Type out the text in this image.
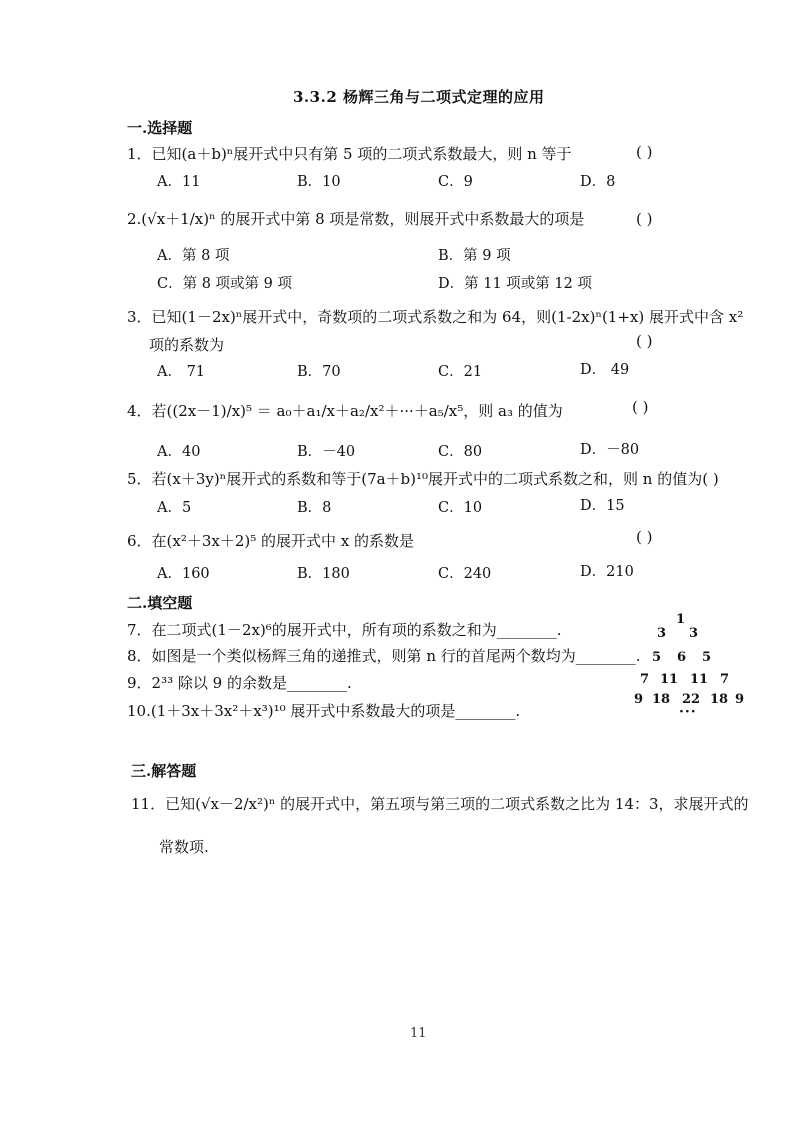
3.3.2 杨辉三角与二项式定理的应用
一.选择题
1．已知(a＋b)ⁿ展开式中只有第 5 项的二项式系数最大，则 n 等于	( )
A．11	B．10	C．9	D．8
2.(√x＋1/x)ⁿ 的展开式中第 8 项是常数，则展开式中系数最大的项是	( )
A．第 8 项	B．第 9 项
C．第 8 项或第 9 项	D．第 11 项或第 12 项
3．已知(1－2x)ⁿ展开式中，奇数项的二项式系数之和为 64，则(1-2x)ⁿ(1+x) 展开式中含 x²
项的系数为	( )
A． 71	B．70	C．21	D． 49
4．若((2x－1)/x)⁵ ＝ a₀＋a₁/x＋a₂/x²＋···＋a₅/x⁵，则 a₃ 的值为	( )
A．40	B．－40	C．80	D．－80
5．若(x＋3y)ⁿ展开式的系数和等于(7a＋b)¹⁰展开式中的二项式系数之和，则 n 的值为( )
A．5	B．8	C．10	D．15
6．在(x²＋3x＋2)⁵ 的展开式中 x 的系数是	( )
A．160	B．180	C．240	D．210
二.填空题
7．在二项式(1－2x)⁶的展开式中，所有项的系数之和为________.
8．如图是一个类似杨辉三角的递推式，则第 n 行的首尾两个数均为________.
9．2³³ 除以 9 的余数是________.
10.(1＋3x＋3x²＋x³)¹⁰ 展开式中系数最大的项是________.
1
3 3
5 6 5
7 11 11 7
9 18 22 18 9
···
三.解答题
11．已知(√x－2/x²)ⁿ 的展开式中，第五项与第三项的二项式系数之比为 14：3，求展开式的
常数项.
11
